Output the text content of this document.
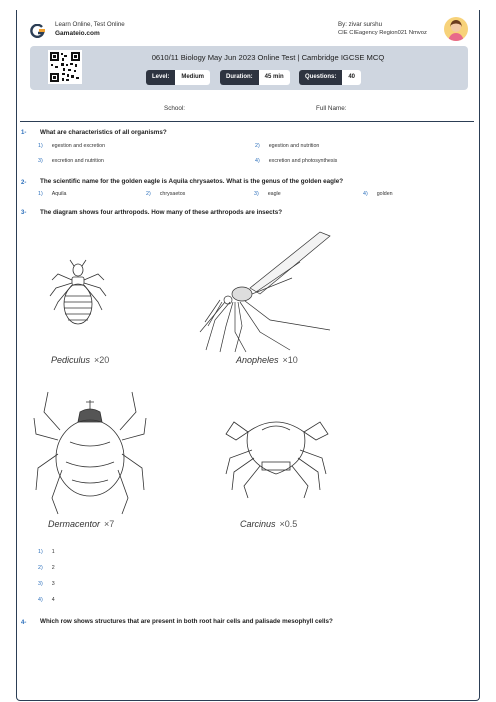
Learn Online, Test Online
Gamateio.com
By: zivar surshu
CIE CIEagency Region021 Nmvoz
0610/11 Biology May Jun 2023 Online Test | Cambridge IGCSE MCQ
Level:	Medium	Duration:	45 min	Questions:	40
School:	Full Name:
1- What are characteristics of all organisms?
1) egestion and excretion	2) egestion and nutrition
3) excretion and nutrition	4) excretion and photosynthesis
2- The scientific name for the golden eagle is Aquila chrysaetos. What is the genus of the golden eagle?
1) Aquila	2) chrysaetos	3) eagle	4) golden
3- The diagram shows four arthropods. How many of these arthropods are insects?
Pediculus ×20	Anopheles ×10
Dermacentor ×7	Carcinus ×0.5
1) 1
2) 2
3) 3
4) 4
4- Which row shows structures that are present in both root hair cells and palisade mesophyll cells?
